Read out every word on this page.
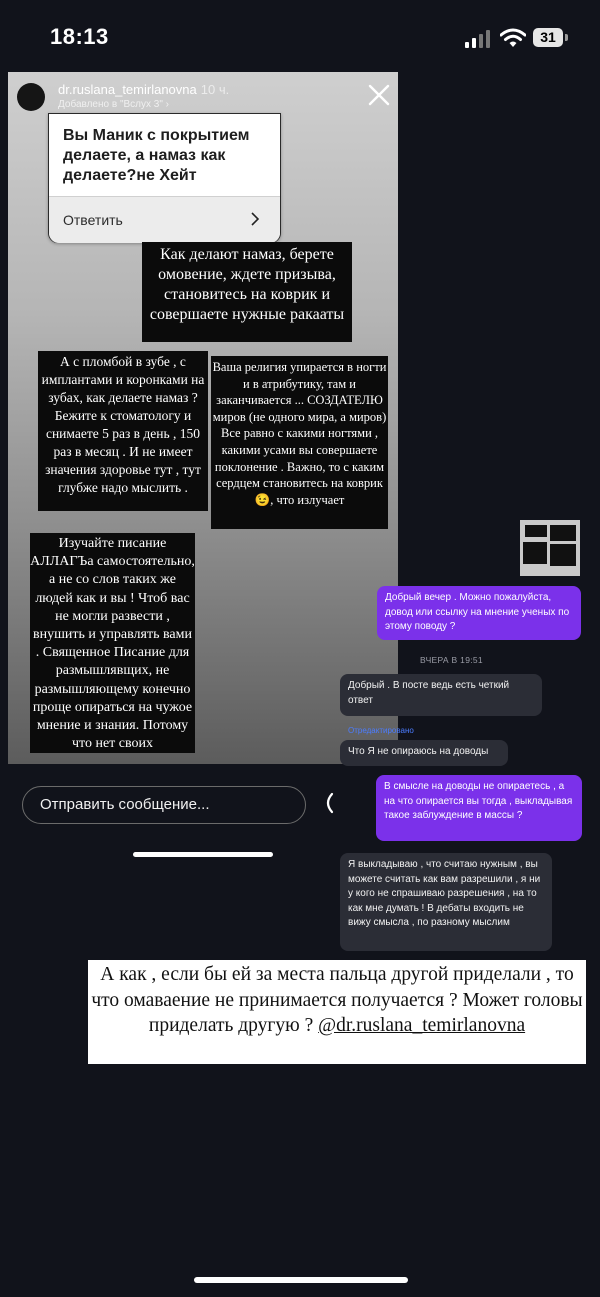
18:13	31
dr.ruslana_temirlanovna 10 ч.
Добавлено в "Вслух 3" ›
Вы Маник с покрытием делаете, а намаз как делаете?не Хейт
Ответить
Как делают намаз, берете омовение, ждете призыва, становитесь на коврик и совершаете нужные ракааты
А с пломбой в зубе , с имплантами и коронками на зубах, как делаете намаз ? Бежите к стоматологу и снимаете 5 раз в день , 150 раз в месяц . И не имеет значения здоровье тут , тут глубже надо мыслить .
Ваша религия упирается в ногти и в атрибутику, там и заканчивается ... СОЗДАТЕЛЮ миров (не одного мира, а миров) Все равно с какими ногтями , какими усами вы совершаете поклонение . Важно, то с каким сердцем становитесь на коврик 😉, что излучает
Изучайте писание АЛЛАГЪа самостоятельно, а не со слов таких же людей как и вы ! Чтоб вас не могли развести , внушить и управлять вами . Священное Писание для размышлявщих, не размышляющему конечно проще опираться на чужое мнение и знания. Потому что нет своих
Отправить сообщение...
Добрый вечер . Можно пожалуйста, довод или ссылку на мнение ученых по этому поводу ?
ВЧЕРА В 19:51
Добрый . В посте ведь есть четкий ответ
Отредактировано
Что Я не опираюсь на доводы
В смысле на доводы не опираетесь , а на что опирается вы тогда , выкладывая такое заблуждение в массы ?
Я выкладываю , что считаю нужным , вы можете считать как вам разрешили , я ни у кого не спрашиваю разрешения , на то как мне думать ! В дебаты входить не вижу смысла , по разному мыслим
А как , если бы ей за места пальца другой приделали , то что омаваение не принимается получается ? Может головы приделать другую ? @dr.ruslana_temirlanovna
